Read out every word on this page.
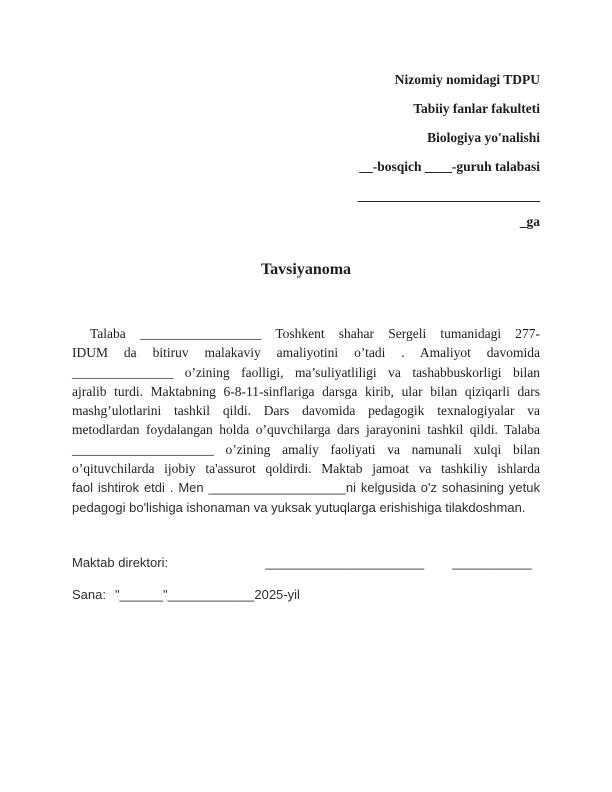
Nizomiy nomidagi TDPU
Tabiiy fanlar fakulteti
Biologiya yo'nalishi
__-bosqich ____-guruh talabasi
___________________________
_ga
Tavsiyanoma
Talaba __________________ Toshkent shahar Sergeli tumanidagi 277-
IDUM da bitiruv malakaviy amaliyotini o’tadi . Amaliyot davomida
_______________ o’zining faolligi, ma’suliyatliligi va tashabbuskorligi bilan
ajralib turdi. Maktabning 6-8-11-sinflariga darsga kirib, ular bilan qiziqarli dars
mashg’ulotlarini tashkil qildi. Dars davomida pedagogik texnalogiyalar va
metodlardan foydalangan holda o’quvchilarga dars jarayonini tashkil qildi. Talaba
_____________________ o’zining amaliy faoliyati va namunali xulqi bilan
o’qituvchilarda ijobiy ta'assurot qoldirdi. Maktab jamoat va tashkiliy ishlarda
faol ishtirok etdi . Men ___________________ni kelgusida o'z sohasining yetuk
pedagogi bo'lishiga ishonaman va yuksak yutuqlarga erishishiga tilakdoshman.
Maktab direktori:	______________________ ___________
Sana: "______"____________2025-yil
